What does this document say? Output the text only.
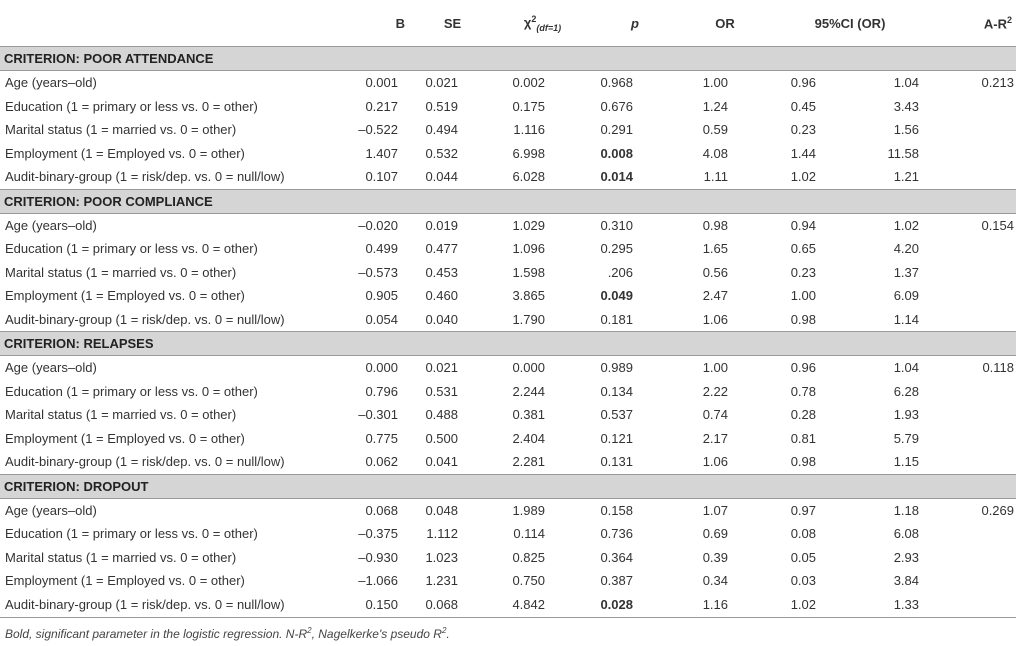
	B	SE	$\chi^2_{(df=1)}$	p	OR	95%CI (OR)		$A-R^2$
CRITERION: POOR ATTENDANCE								
Age (years–old)	0.001	0.021	0.002	0.968	1.00	0.96	1.04	0.213
Education (1 = primary or less vs. 0 = other)	0.217	0.519	0.175	0.676	1.24	0.45	3.43	
Marital status (1 = married vs. 0 = other)	–0.522	0.494	1.116	0.291	0.59	0.23	1.56	
Employment (1 = Employed vs. 0 = other)	1.407	0.532	6.998	0.008	4.08	1.44	11.58	
Audit-binary-group (1 = risk/dep. vs. 0 = null/low)	0.107	0.044	6.028	0.014	1.11	1.02	1.21	
CRITERION: POOR COMPLIANCE								
Age (years–old)	–0.020	0.019	1.029	0.310	0.98	0.94	1.02	0.154
Education (1 = primary or less vs. 0 = other)	0.499	0.477	1.096	0.295	1.65	0.65	4.20	
Marital status (1 = married vs. 0 = other)	–0.573	0.453	1.598	.206	0.56	0.23	1.37	
Employment (1 = Employed vs. 0 = other)	0.905	0.460	3.865	0.049	2.47	1.00	6.09	
Audit-binary-group (1 = risk/dep. vs. 0 = null/low)	0.054	0.040	1.790	0.181	1.06	0.98	1.14	
CRITERION: RELAPSES								
Age (years–old)	0.000	0.021	0.000	0.989	1.00	0.96	1.04	0.118
Education (1 = primary or less vs. 0 = other)	0.796	0.531	2.244	0.134	2.22	0.78	6.28	
Marital status (1 = married vs. 0 = other)	–0.301	0.488	0.381	0.537	0.74	0.28	1.93	
Employment (1 = Employed vs. 0 = other)	0.775	0.500	2.404	0.121	2.17	0.81	5.79	
Audit-binary-group (1 = risk/dep. vs. 0 = null/low)	0.062	0.041	2.281	0.131	1.06	0.98	1.15	
CRITERION: DROPOUT								
Age (years–old)	0.068	0.048	1.989	0.158	1.07	0.97	1.18	0.269
Education (1 = primary or less vs. 0 = other)	–0.375	1.112	0.114	0.736	0.69	0.08	6.08	
Marital status (1 = married vs. 0 = other)	–0.930	1.023	0.825	0.364	0.39	0.05	2.93	
Employment (1 = Employed vs. 0 = other)	–1.066	1.231	0.750	0.387	0.34	0.03	3.84	
Audit-binary-group (1 = risk/dep. vs. 0 = null/low)	0.150	0.068	4.842	0.028	1.16	1.02	1.33	
Bold, significant parameter in the logistic regression. $N-R^2$, Nagelkerke's pseudo $R^2$.
